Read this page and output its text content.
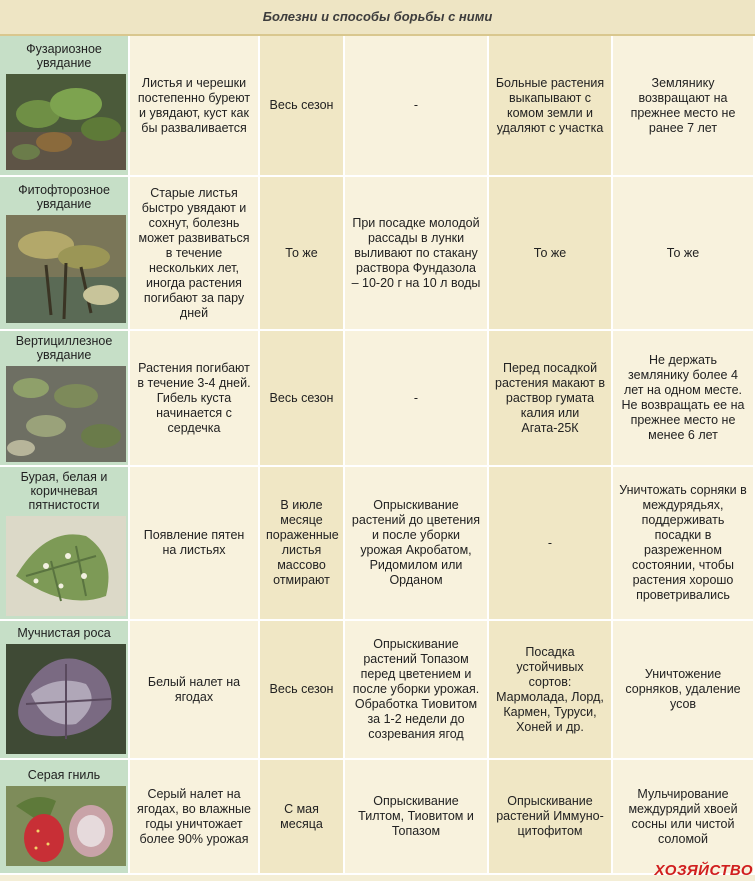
Болезни и способы борьбы с ними
Фузариозное увядание	Листья и черешки постепенно буреют и увядают, куст как бы разваливается	Весь сезон	-	Больные растения выкапывают с комом земли и удаляют с участка	Землянику возвращают на прежнее место не ранее 7 лет

Фитофторозное увядание	Старые листья быстро увядают и сохнут, болезнь может развиваться в течение нескольких лет, иногда растения погибают за пару дней	То же	При посадке молодой рассады в лунки выливают по стакану раствора Фундазола – 10-20 г на 10 л воды	То же	То же

Вертициллезное увядание	Растения погибают в течение 3-4 дней. Гибель куста начинается с сердечка	Весь сезон	-	Перед посадкой растения макают в раствор гумата калия или Агата-25К	Не держать землянику более 4 лет на одном месте. Не возвращать ее на прежнее место не менее 6 лет

Бурая, белая и коричневая пятнистости	Появление пятен на листьях	В июле месяце пораженные листья массово отмирают	Опрыскивание растений до цветения и после уборки урожая Акробатом, Ридомилом или Орданом	-	Уничтожать сорняки в междурядьях, поддерживать посадки в разреженном состоянии, чтобы растения хорошо проветривались

Мучнистая роса	Белый налет на ягодах	Весь сезон	Опрыскивание растений Топазом перед цветением и после уборки урожая. Обработка Тиовитом за 1-2 недели до созревания ягод	Посадка устойчивых сортов: Мармолада, Лорд, Кармен, Туруси, Хоней и др.	Уничтожение сорняков, удаление усов

Серая гниль	Серый налет на ягодах, во влажные годы уничтожает более 90% урожая	С мая месяца	Опрыскивание Тилтом, Тиовитом и Топазом	Опрыскивание растений Иммуно-цитофитом	Мульчирование междурядий хвоей сосны или чистой соломой
ХОЗЯЙСТВО
